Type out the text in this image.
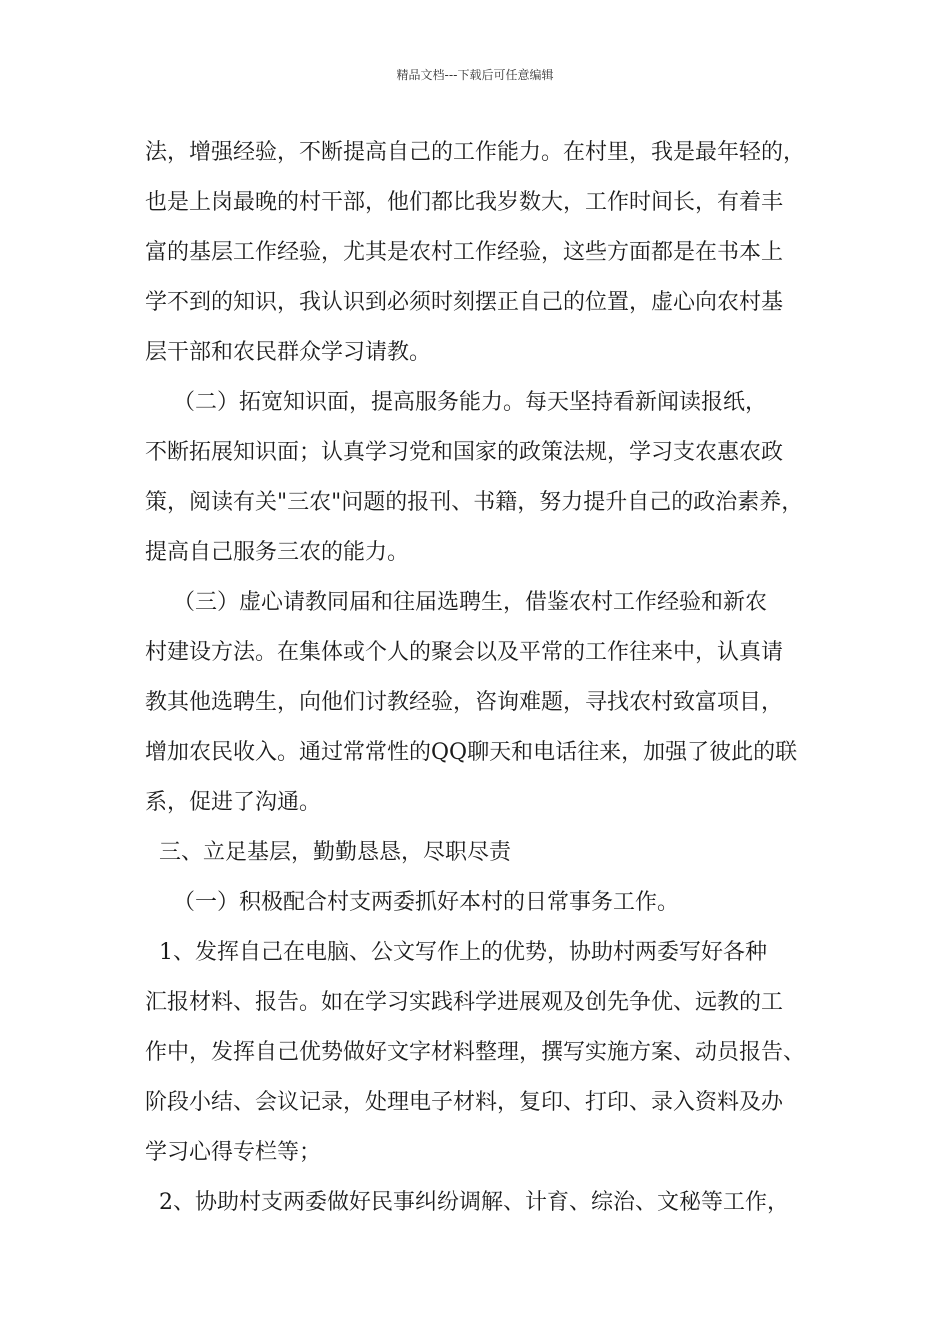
精品文档---下载后可任意编辑
法，增强经验，不断提高自己的工作能力。在村里，我是最年轻的，
也是上岗最晚的村干部，他们都比我岁数大，工作时间长，有着丰
富的基层工作经验，尤其是农村工作经验，这些方面都是在书本上
学不到的知识，我认识到必须时刻摆正自己的位置，虚心向农村基
层干部和农民群众学习请教。
（二）拓宽知识面，提高服务能力。每天坚持看新闻读报纸，
不断拓展知识面；认真学习党和国家的政策法规，学习支农惠农政
策，阅读有关"三农"问题的报刊、书籍，努力提升自己的政治素养，
提高自己服务三农的能力。
（三）虚心请教同届和往届选聘生，借鉴农村工作经验和新农
村建设方法。在集体或个人的聚会以及平常的工作往来中，认真请
教其他选聘生，向他们讨教经验，咨询难题，寻找农村致富项目，
增加农民收入。通过常常性的QQ聊天和电话往来，加强了彼此的联
系，促进了沟通。
三、立足基层，勤勤恳恳，尽职尽责
（一）积极配合村支两委抓好本村的日常事务工作。
1、发挥自己在电脑、公文写作上的优势，协助村两委写好各种
汇报材料、报告。如在学习实践科学进展观及创先争优、远教的工
作中，发挥自己优势做好文字材料整理，撰写实施方案、动员报告、
阶段小结、会议记录，处理电子材料，复印、打印、录入资料及办
学习心得专栏等；
2、协助村支两委做好民事纠纷调解、计育、综治、文秘等工作，
